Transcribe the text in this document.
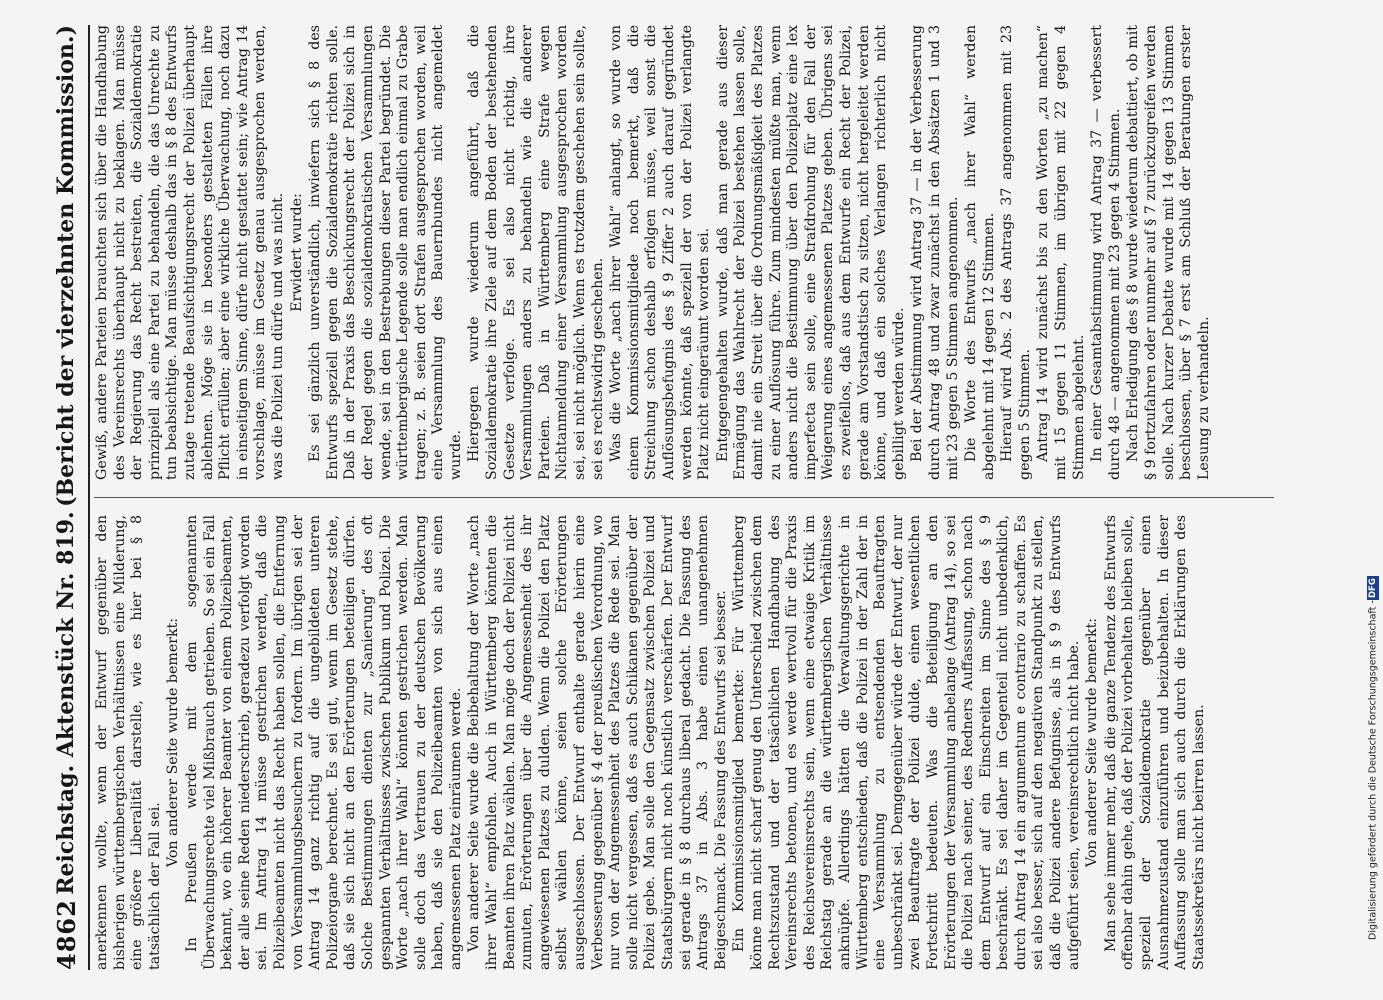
4862
Reichstag. Aktenstück Nr. 819.
(Bericht der vierzehnten Kommission.)

anerkennen wollte, wenn der Entwurf gegenüber den bisherigen württembergischen Verhältnissen eine Milderung, eine größere Liberalität darstelle, wie es hier bei § 8 tatsächlich der Fall sei.

Von anderer Seite wurde bemerkt: In Preußen werde mit dem sogenannten Überwachungsrechte viel Mißbrauch getrieben. So sei ein Fall bekannt, wo ein höherer Beamter von einem Polizeibeamten, der alle seine Reden niederschrieb, geradezu verfolgt worden sei. Im Antrag 14 müsse gestrichen werden, daß die Polizeibeamten nicht das Recht haben sollen, die Entfernung von Versammlungsbesuchern zu fordern. Im übrigen sei der Antrag 14 ganz richtig auf die ungebildeten unteren Polizeiorgane berechnet. Es sei gut, wenn im Gesetz stehe, daß sie sich nicht an den Erörterungen beteiligen dürfen. Solche Bestimmungen dienten zur „Sanierung“ des oft gespannten Verhältnisses zwischen Publikum und Polizei. Die Worte „nach ihrer Wahl“ könnten gestrichen werden. Man solle doch das Vertrauen zu der deutschen Bevölkerung haben, daß sie den Polizeibeamten von sich aus einen angemessenen Platz einräumen werde. Von anderer Seite wurde die Beibehaltung der Worte „nach ihrer Wahl“ empfohlen. Auch in Württemberg könnten die Beamten ihren Platz wählen. Man möge doch der Polizei nicht zumuten, Erörterungen über die Angemessenheit des ihr angewiesenen Platzes zu dulden. Wenn die Polizei den Platz selbst wählen könne, seien solche Erörterungen ausgeschlossen. Der Entwurf enthalte gerade hierin eine Verbesserung gegenüber § 4 der preußischen Verordnung, wo nur von der Angemessenheit des Platzes die Rede sei. Man solle nicht vergessen, daß es auch Schikanen gegenüber der Polizei gebe. Man solle den Gegensatz zwischen Polizei und Staatsbürgern nicht noch künstlich verschärfen. Der Entwurf sei gerade in § 8 durchaus liberal gedacht. Die Fassung des Antrags 37 in Abs. 3 habe einen unangenehmen Beigeschmack. Die Fassung des Entwurfs sei besser. Ein Kommissionsmitglied bemerkte: Für Württemberg könne man nicht scharf genug den Unterschied zwischen dem Rechtszustand und der tatsächlichen Handhabung des Vereinsrechts betonen, und es werde wertvoll für die Praxis des Reichsvereinsrechts sein, wenn eine etwaige Kritik im Reichstag gerade an die württembergischen Verhältnisse anknüpfe. Allerdings hätten die Verwaltungsgerichte in Württemberg entschieden, daß die Polizei in der Zahl der in eine Versammlung zu entsendenden Beauftragten unbeschränkt sei. Demgegenüber würde der Entwurf, der nur zwei Beauftragte der Polizei dulde, einen wesentlichen Fortschritt bedeuten. Was die Beteiligung an den Erörterungen der Versammlung anbelange (Antrag 14), so sei die Polizei nach seiner, des Redners Auffassung, schon nach dem Entwurf auf ein Einschreiten im Sinne des § 9 beschränkt. Es sei daher im Gegenteil nicht unbedenklich, durch Antrag 14 ein argumentum e contrario zu schaffen. Es sei also besser, sich auf den negativen Standpunkt zu stellen, daß die Polizei andere Befugnisse, als in § 9 des Entwurfs aufgeführt seien, vereinsrechtlich nicht habe. Von anderer Seite wurde bemerkt: Man sehe immer mehr, daß die ganze Tendenz des Entwurfs offenbar dahin gehe, daß der Polizei vorbehalten bleiben solle, speziell der Sozialdemokratie gegenüber einen Ausnahmezustand einzuführen und beizubehalten. In dieser Auffassung solle man sich auch durch die Erklärungen des Staatssekretärs nicht beirren lassen.

Gewiß, andere Parteien brauchten sich über die Handhabung des Vereinsrechts überhaupt nicht zu beklagen. Man müsse der Regierung das Recht bestreiten, die Sozialdemokratie prinzipiell als eine Partei zu behandeln, die das Unrechte zu tun beabsichtige. Man müsse deshalb das in § 8 des Entwurfs zutage tretende Beaufsichtigungsrecht der Polizei überhaupt ablehnen. Möge sie in besonders gestalteten Fällen ihre Pflicht erfüllen; aber eine wirkliche Überwachung, noch dazu in einseitigem Sinne, dürfe nicht gestattet sein; wie Antrag 14 vorschlage, müsse im Gesetz genau ausgesprochen werden, was die Polizei tun dürfe und was nicht. Erwidert wurde: Es sei gänzlich unverständlich, inwiefern sich § 8 des Entwurfs speziell gegen die Sozialdemokratie richten solle. Daß in der Praxis das Beschickungsrecht der Polizei sich in der Regel gegen die sozialdemokratischen Versammlungen wende, sei in den Bestrebungen dieser Partei begründet. Die württembergische Legende solle man endlich einmal zu Grabe tragen; z. B. seien dort Strafen ausgesprochen worden, weil eine Versammlung des Bauernbundes nicht angemeldet wurde. Hiergegen wurde wiederum angeführt, daß die Sozialdemokratie ihre Ziele auf dem Boden der bestehenden Gesetze verfolge. Es sei also nicht richtig, ihre Versammlungen anders zu behandeln wie die anderer Parteien. Daß in Württemberg eine Strafe wegen Nichtanmeldung einer Versammlung ausgesprochen worden sei, sei nicht möglich. Wenn es trotzdem geschehen sein sollte, sei es rechtswidrig geschehen. Was die Worte „nach ihrer Wahl“ anlangt, so wurde von einem Kommissionsmitgliede noch bemerkt, daß die Streichung schon deshalb erfolgen müsse, weil sonst die Auflösungsbefugnis des § 9 Ziffer 2 auch darauf gegründet werden könnte, daß speziell der von der Polizei verlangte Platz nicht eingeräumt worden sei. Entgegengehalten wurde, daß man gerade aus dieser Ermägung das Wahlrecht der Polizei bestehen lassen solle, damit nie ein Streit über die Ordnungsmäßigkeit des Platzes zu einer Auflösung führe. Zum mindesten müßte man, wenn anders nicht die Bestimmung über den Polizeiplatz eine lex imperfecta sein solle, eine Strafdrohung für den Fall der Weigerung eines angemessenen Platzes geben. Übrigens sei es zweifellos, daß aus dem Entwurfe ein Recht der Polizei, gerade am Vorstandstisch zu sitzen, nicht hergeleitet werden könne, und daß ein solches Verlangen richterlich nicht gebilligt werden würde. Bei der Abstimmung wird Antrag 37 — in der Verbesserung durch Antrag 48 und zwar zunächst in den Absätzen 1 und 3 mit 23 gegen 5 Stimmen angenommen. Die Worte des Entwurfs „nach ihrer Wahl“ werden abgelehnt mit 14 gegen 12 Stimmen. Hierauf wird Abs. 2 des Antrags 37 angenommen mit 23 gegen 5 Stimmen. Antrag 14 wird zunächst bis zu den Worten „zu machen“ mit 15 gegen 11 Stimmen, im übrigen mit 22 gegen 4 Stimmen abgelehnt. In einer Gesamtabstimmung wird Antrag 37 — verbessert durch 48 — angenommen mit 23 gegen 4 Stimmen. Nach Erledigung des § 8 wurde wiederum debattiert, ob mit § 9 fortzufahren oder nunmehr auf § 7 zurückzugreifen werden solle. Nach kurzer Debatte wurde mit 14 gegen 13 Stimmen beschlossen, über § 7 erst am Schluß der Beratungen erster Lesung zu verhandeln.

Digitalisierung gefördert durch die Deutsche Forschungsgemeinschaft -
DFG
